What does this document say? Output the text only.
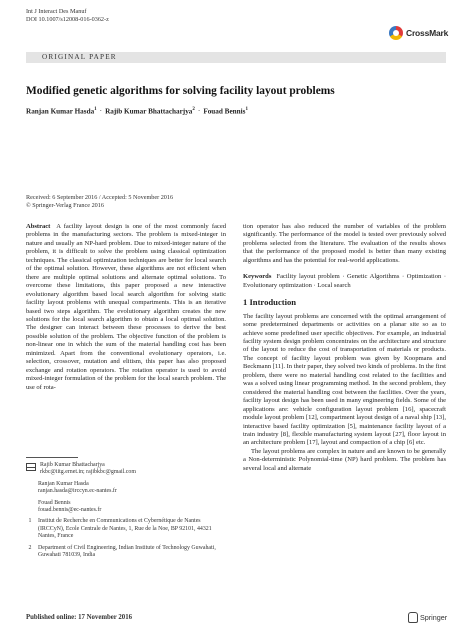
Int J Interact Des Manuf
DOI 10.1007/s12008-016-0362-z
CrossMark
ORIGINAL PAPER
Modified genetic algorithms for solving facility layout problems
Ranjan Kumar Hasda$^1$ · Rajib Kumar Bhattacharjya$^2$ · Fouad Bennis$^1$
Received: 6 September 2016 / Accepted: 5 November 2016
© Springer-Verlag France 2016
Abstract A facility layout design is one of the most commonly faced problems in the manufacturing sectors. The problem is mixed-integer in nature and usually an NP-hard problem. Due to mixed-integer nature of the problem, it is difficult to solve the problem using classical optimization techniques. The classical optimization techniques are better for local search of the optimal solution. However, these algorithms are not efficient when there are multiple optimal solutions and alternate optimal solutions. To overcome these limitations, this paper proposed a new interactive evolutionary algorithm based local search algorithm for solving static facility layout problems with unequal compartments. This is an iterative based two steps algorithm. The evolutionary algorithm creates the new solutions for the local search algorithm to obtain a local optimal solution. The designer can interact between these processes to derive the best possible solution of the problem. The objective function of the problem is non-linear one in which the sum of the material handling cost has been minimized. Apart from the conventional evolutionary operators, i.e. selection, crossover, mutation and elitism, this paper has also proposed exchange and rotation operators. The rotation operator is used to avoid mixed-integer formulation of the problem for the local search problem. The use of rota-
Rajib Kumar Bhattacharjya
rkbc@iitg.ernet.in; rajibkbc@gmail.com
Ranjan Kumar Hasda
ranjan.hasda@irccyn.ec-nantes.fr
Fouad Bennis
fouad.bennis@ec-nantes.fr
1	Institut de Recherche en Communications et Cybernétique de Nantes (IRCCyN), Ecole Centrale de Nantes, 1, Rue de la Noe, BP 92101, 44321 Nantes, France
2	Department of Civil Engineering, Indian Institute of Technology Guwahati, Guwahati 781039, India
tion operator has also reduced the number of variables of the problem significantly. The performance of the model is tested over previously solved problems selected from the literature. The evaluation of the results shows that the performance of the proposed model is better than many existing algorithms and has the potential for real-world applications.
Keywords Facility layout problem · Genetic Algorithms · Optimization · Evolutionary optimization · Local search
1 Introduction

The facility layout problems are concerned with the optimal arrangement of some predetermined departments or activities on a planar site so as to achieve some predefined user specific objectives. For example, an industrial facility system design problem concentrates on the architecture and structure of the layout to reduce the cost of transportation of materials or products. The concept of facility layout problem was given by Koopmans and Beckmann [11]. In their paper, they solved two kinds of problems. In the first problem, there were no material handling cost related to the facilities and was a solved using linear programming method. In the second problem, they considered the material handling cost between the facilities. Over the years, facility layout design has been used in many engineering fields. Some of the applications are: vehicle configuration layout problem [16], spacecraft module layout problem [12], compartment layout design of a naval ship [13], interactive based facility optimization [5], maintenance facility layout of a train industry [8], flexible manufacturing system layout [27], floor layout in an architecture problem [17], layout and compaction of a chip [6] etc.

The layout problems are complex in nature and are known to be generally a Non-deterministic Polynomial-time (NP) hard problem. The problem has several local and alternate

Published online: 17 November 2016	Springer
